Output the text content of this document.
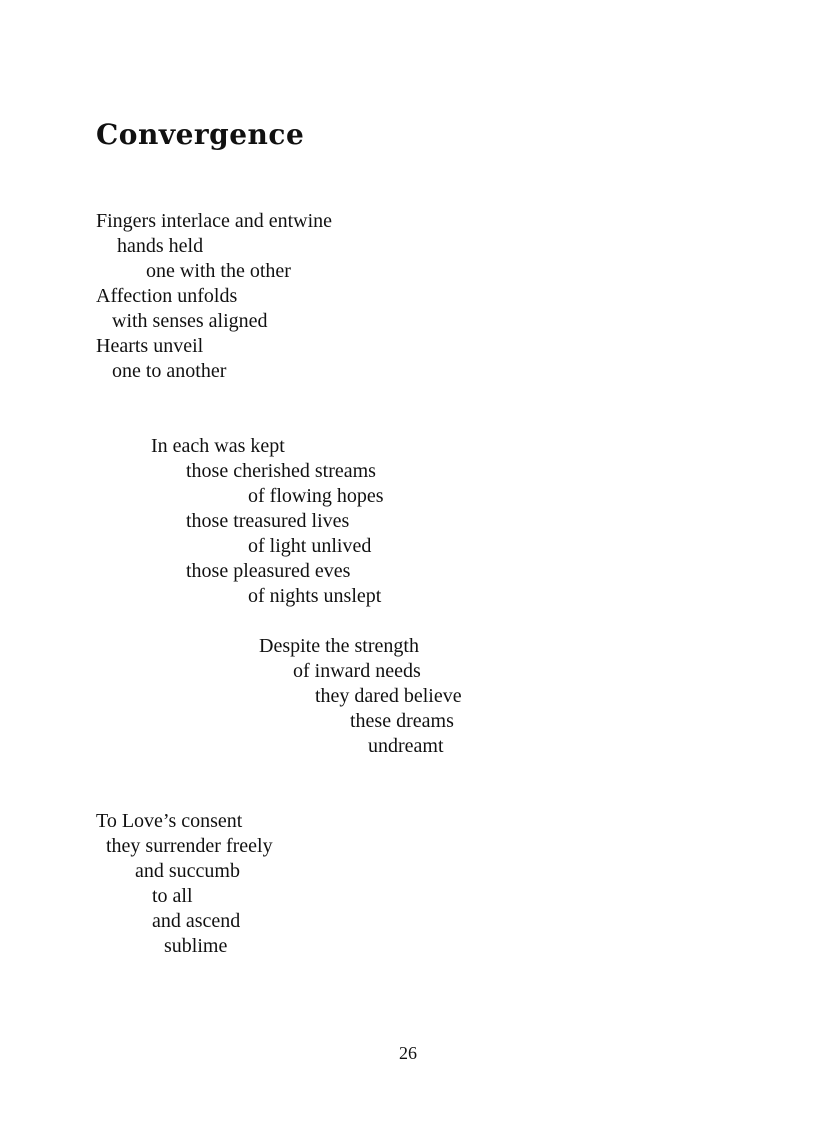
Convergence
Fingers interlace and entwine
hands held
one with the other
Affection unfolds
with senses aligned
Hearts unveil
one to another
In each was kept
those cherished streams
of flowing hopes
those treasured lives
of light unlived
those pleasured eves
of nights unslept
Despite the strength
of inward needs
they dared believe
these dreams
undreamt
To Love’s consent
they surrender freely
and succumb
to all
and ascend
sublime
26
